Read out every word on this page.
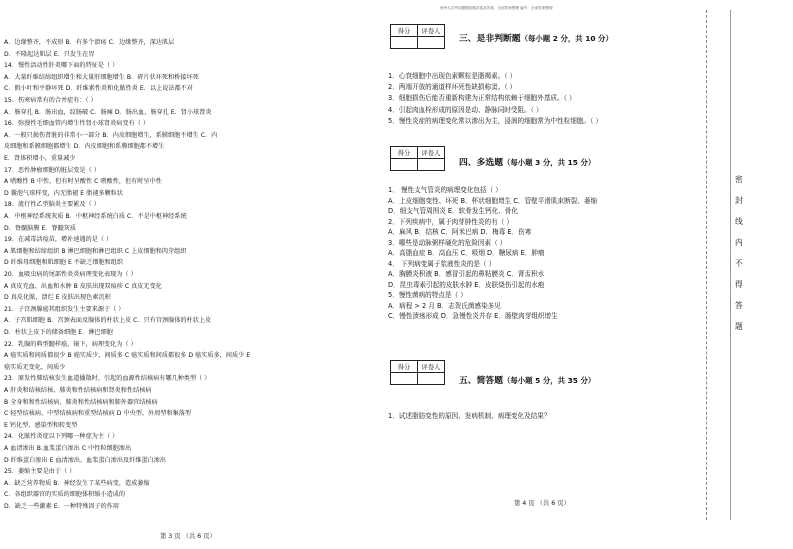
贵州大学考试题模拟题试卷及答案，全部答案整理 编号：全部答案整理
A．边缘整齐，不成形 B．有多个溃疡 C．边缘整齐，深达肌层
D．不隆起达肌层 E．只发生在胃
14．慢性活动性肝炎哪下面的特征是（ ）
A．大量纤维结缔组织增生和大量肝细胞增生 B．碎片状坏死和桥接坏死
C．假小叶和平静坏死 D．纤维素性炎和化脓性炎 E．以上说法都不对
15．伤寒病常有的合并症有：（ ）
A．肠穿孔 B．肠出血，纹肠破 C．肠痛 D．肠出血，肠穿孔 E．肾小球肾炎
16．弥漫性毛细血管内增生性肾小球肾炎病变有（ ）
A．一般只损伤肾脏的非常小一部分 B．内皮细胞增生，系膜细胞不增生 C．内
皮细胞和系膜细胞都增生 D．内皮细胞和系膜细胞都不增生
E．肾体积增小，重量减少
17．恶性肿瘤细胞的脏层变是（ ）
A 嗜酸性 B 中性，但有时呈酸性 C 嗜酸性，但有时呈中性
D 囊泡气球样变，内无脂褪 E 脂褪多颗粒状
18．流行性乙型脑炎主要累及（ ）
A．中枢神经系统灰质 B．中枢神经系统白质 C．不是中枢神经系统
D．脊髓脑膜 E．脊髓灰质
19．在减毒活疫苗，增补速遇的是（ ）
A 肌细胞和结缔组织 B 淋巴细胞和淋巴组织 C 上皮细胞和肉芽组织
D 纤维母细胞和肌细胞 E 不缺乏细胞和组织
20．血吸虫病的尾部性炎炎病理变化表现为（ ）
A 真皮充血、出血和水肿 B 皮肤出现双痕疹 C 真皮无变化
D 真皮化脓，溃烂 E 皮肤出现色素沉积
21．子宫颈腺癌其组织发生主要来源于（ ）
A．子宫肌细胞 B．宫颈表面及腺体的柱状上皮 C．只有宫颈腺体的柱状上皮
D．柱状上皮下的储备细胞 E．淋巴细胞
22．乳腺的典型髓样癌，镜下，病理变化为（ ）
A 癌实质和间质都很少 B 癌实质少，间质多 C 癌实质和间质都很多 D 癌实质多，间质少 E
癌实质无变化，间质少
23．原发性肺结核发生血道播散时，引起的血源性结核病有哪几种类型（ ）
A 肝炎和结核结核、肺炎和性结核病和肾炎和性结核病
B 全身和和性结核病、肺炎和性结核病和肺外器官结核病
C 轻型结核病、中型结核病和重型结核病 D 中央型、外周型和集落型
E 钙化型、感染型和转变型
24．化脓性炎症以下列哪一种症为主（ ）
A 血清渗出 B.血浆蛋白渗出 C 中性粒细胞渗出
D 纤维蛋白渗出 E 血清渗出、血浆蛋白渗出及纤维蛋白渗出
25．萎缩主要是由于（ ）
A．缺乏营养物质 B．神经发生了某些病变，造成萎缩
C．各组织器官的实质的细胞体积缩小造成的
D．缺乏一些激素 E．一种特殊因子的作用
第 3 页 （共 6 页）
得分	评卷人

三、是非判断题（每小题 2 分，共 10 分）
1．心衰细胞中出现色素颗粒是脂褐素。（ ）
2．两端开放的通道样坏死性缺损称窦。（ ）
3．细胞损伤后能否重新构建为正常结构依赖于细胞外基质。（ ）
4．引起肉血栓形成的原因是动、静脉同时受阻。（ ）
5．慢性炎症的病理变化常以渗出为主，浸润的细胞常为中性粒细胞。（ ）
得分	评卷人

四、多选题（每小题 3 分，共 15 分）
1． 慢性支气管炎的病理变化包括（ ）
A．上皮细胞变性、坏死 B．杯状细胞增生 C．管壁平滑肌束断裂、萎缩
D．细支气管周围炎 E．软骨发生钙化、骨化
2．下列疾病中，属于肉芽肿性炎的有（ ）
A．麻风 B．结核 C．阿米巴病 D．梅毒 E．伤寒
3．哪些是动脉粥样硬化的危险因素（ ）
A．高脂血症 B．高血压 C．吸烟 D．糖尿病 E．肿瘤
4． 下列病变属于浆液性炎的是（ ）
A．胸膜炎积液 B．感冒引起的鼻粘膜炎 C．肾盂积水
D．昆虫毒素引起的皮肤水肿 E．皮肤烧伤引起的水疱
5．慢性菌病的特点是（ ）
A．病程 > 2 月 B．志贺氏菌感染多见
C．慢性溃疡形成 D．急慢性炎并存 E．肠壁肉芽组织增生
得分	评卷人

五、简答题（每小题 5 分，共 35 分）
1．试述脂肪变性的原因、发病机制、病理变化及结果？
第 4 页 （共 6 页）
密
封
线
内
不
得
答
题
